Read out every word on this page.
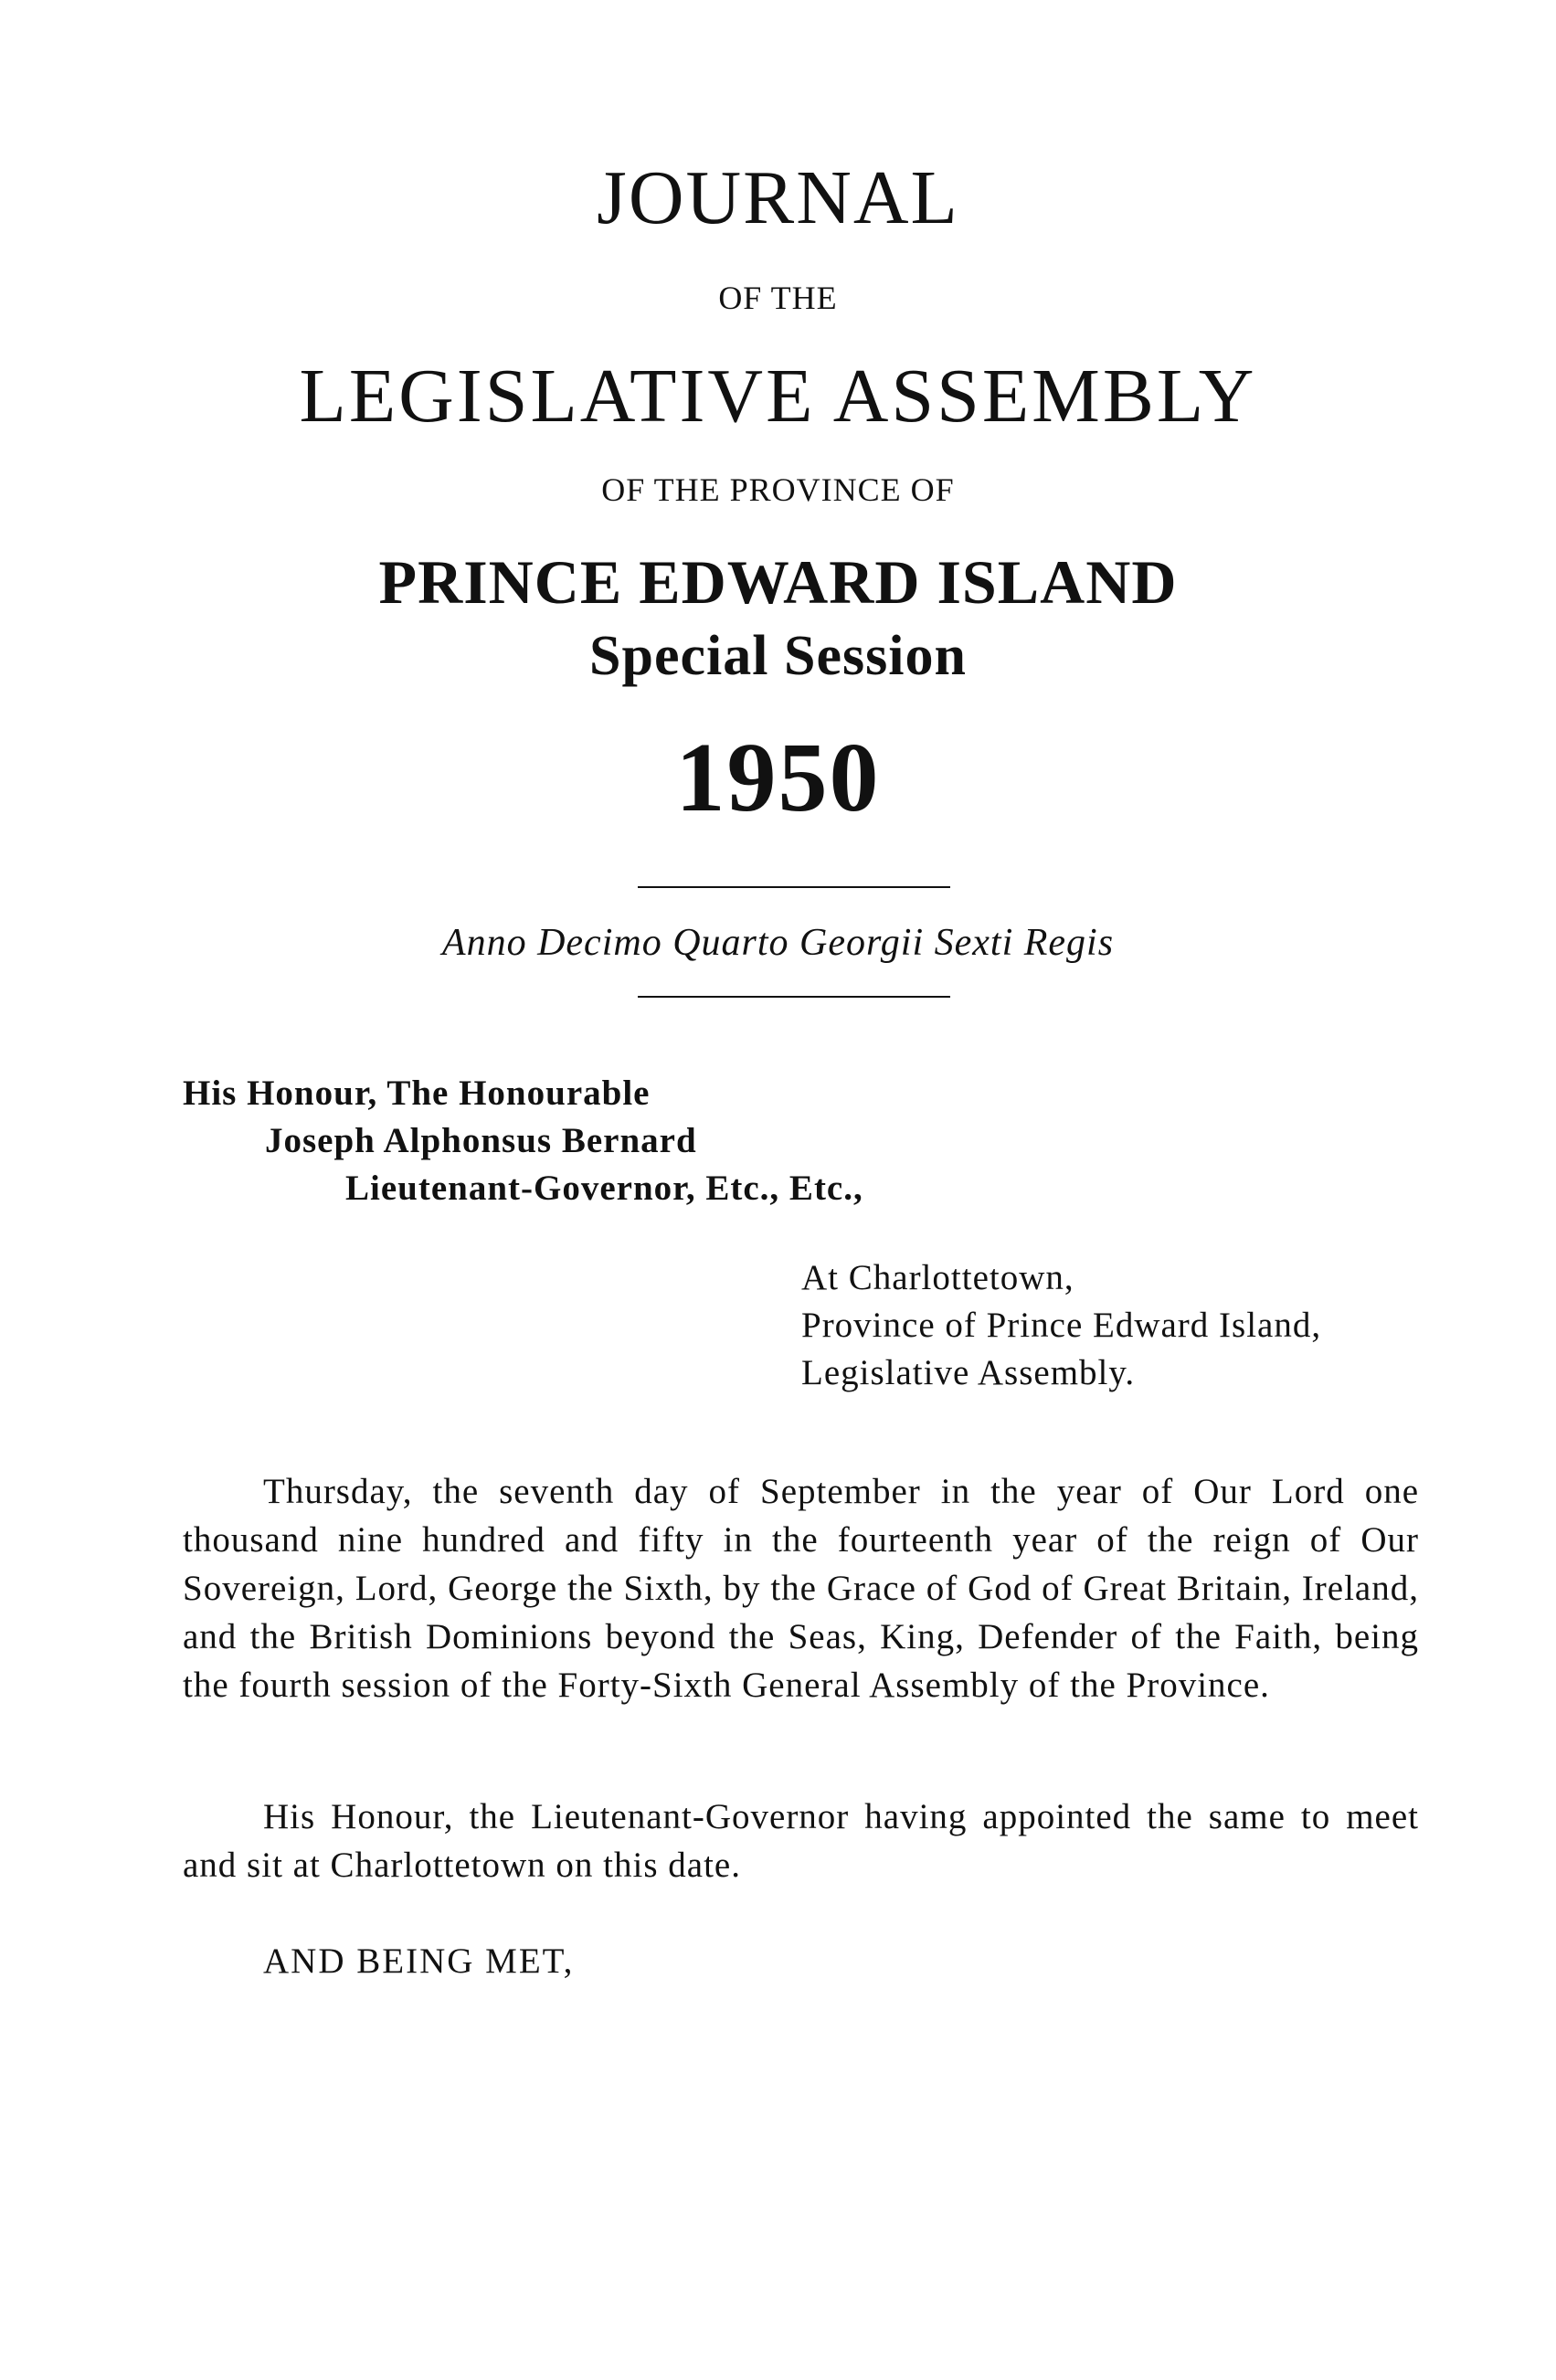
JOURNAL
OF THE
LEGISLATIVE ASSEMBLY
OF THE PROVINCE OF
PRINCE EDWARD ISLAND
Special Session
1950
Anno Decimo Quarto Georgii Sexti Regis
His Honour, The Honourable
Joseph Alphonsus Bernard
Lieutenant-Governor, Etc., Etc.,
At Charlottetown,
Province of Prince Edward Island,
Legislative Assembly.
Thursday, the seventh day of September in the year of Our Lord one thousand nine hundred and fifty in the fourteenth year of the reign of Our Sovereign, Lord, George the Sixth, by the Grace of God of Great Britain, Ireland, and the British Dominions beyond the Seas, King, Defender of the Faith, being the fourth session of the Forty-Sixth General Assembly of the Province.
His Honour, the Lieutenant-Governor having appointed the same to meet and sit at Charlottetown on this date.
AND BEING MET,
